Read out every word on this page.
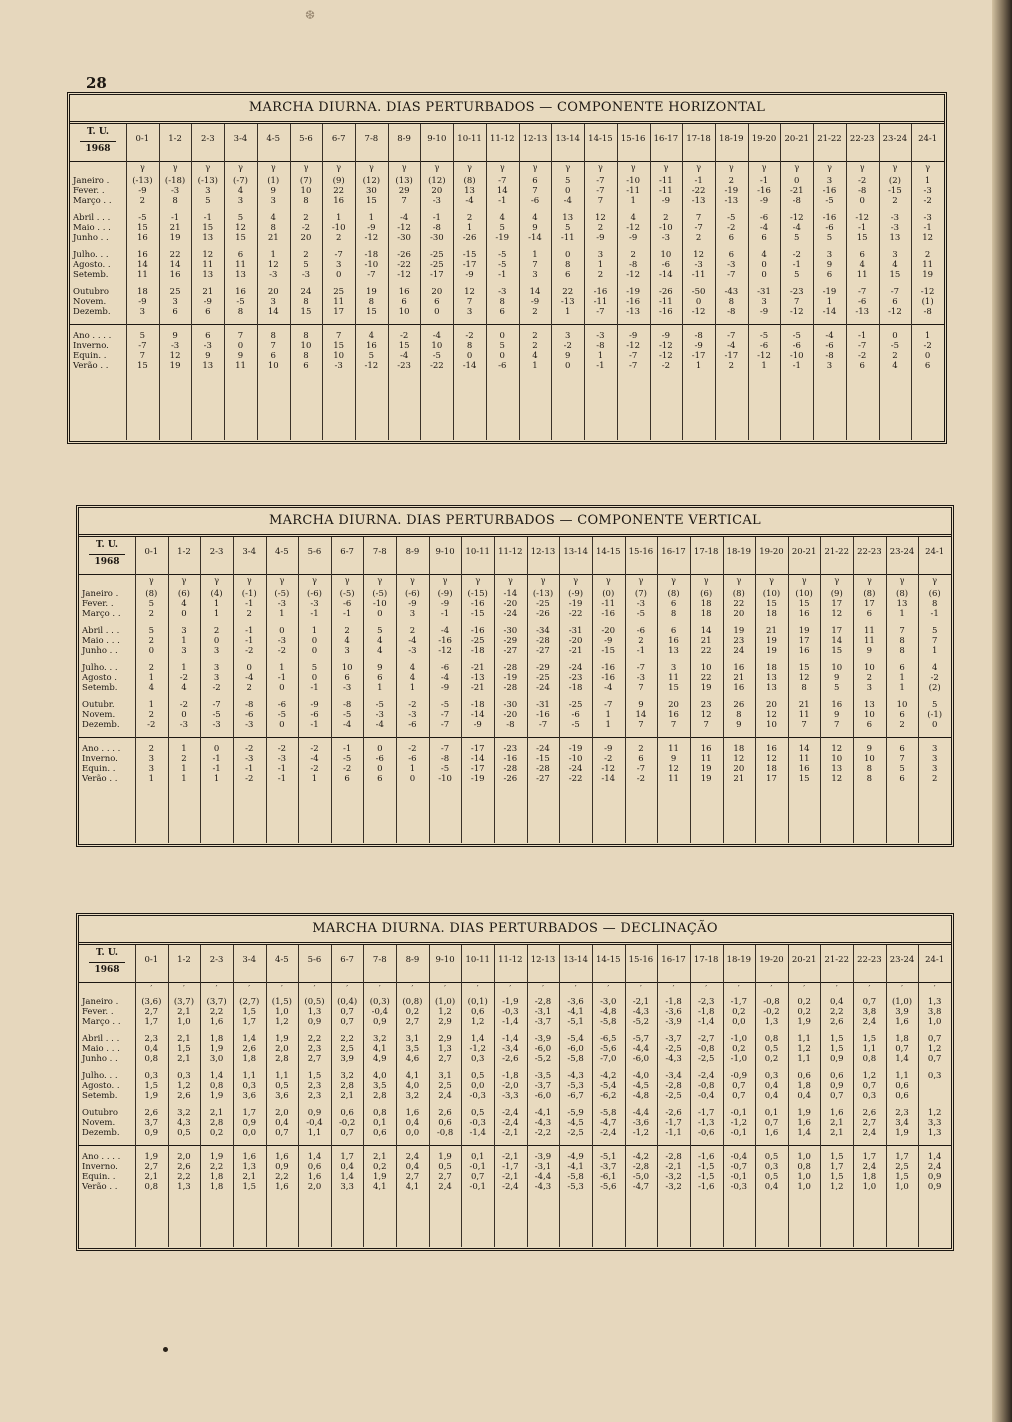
❆
28
MARCHA DIURNA. DIAS PERTURBADOS — COMPONENTE HORIZONTAL
T. U.
1968
0-1	1-2	2-3	3-4	4-5	5-6	6-7	7-8	8-9	9-10	10-11 11-12 12-13 13-14 14-15 15-16 16-17 17-18 18-19 19-20 20-21 21-22 22-23 23-24	24-1
γ	γ	γ	γ	γ	γ	γ	γ	γ	γ	γ	γ	γ	γ	γ	γ	γ	γ	γ	γ	γ	γ	γ	γ	γ
Janeiro .	(-13)	(-18)	(-13)	(-7)	(1)	(7)	(9)	(12)	(13)	(12)	(8)	-7	6	5	-7	-10	-11	-1	2	-1	0	3	-2	(2)	1
Fever. .	-9	-3	3	4	9	10	22	30	29	20	13	14	7	0	-7	-11	-11	-22	-19	-16	-21	-16	-8	-15	-3
Março . .	2	8	5	3	3	8	16	15	7	-3	-4	-1	-6	-4	7	1	-9	-13	-13	-9	-8	-5	0	2	-2
Abril . . .	-5	-1	-1	5	4	2	1	1	-4	-1	2	4	4	13	12	4	2	7	-5	-6	-12	-16	-12	-3	-3
Maio . . .	15	21	15	12	8	-2	-10	-9	-12	-8	1	5	9	5	2	-12	-10	-7	-2	-4	-4	-6	-1	-3	-1
Junho . .	16	19	13	15	21	20	2	-12	-30	-30	-26	-19	-14	-11	-9	-9	-3	2	6	6	5	5	15	13	12
Julho. . .	16	22	12	6	1	2	-7	-18	-26	-25	-15	-5	1	0	3	2	10	12	6	4	-2	3	6	3	2
Agosto. .	14	14	11	11	12	5	3	-10	-22	-25	-17	-5	7	8	1	-8	-6	-3	-3	0	-1	9	4	4	11
Setemb.	11	16	13	13	-3	-3	0	-7	-12	-17	-9	-1	3	6	2	-12	-14	-11	-7	0	5	6	11	15	19
Outubro	18	25	21	16	20	24	25	19	16	20	12	-3	14	22	-16	-19	-26	-50	-43	-31	-23	-19	-7	-7	-12
Novem.	-9	3	-9	-5	3	8	11	8	6	6	7	8	-9	-13	-11	-16	-11	0	8	3	7	1	-6	6	(1)
Dezemb.	3	6	6	8	14	15	17	15	10	0	3	6	2	1	-7	-13	-16	-12	-8	-9	-12	-14	-13	-12	-8
Ano . . . .	5	9	6	7	8	8	7	4	-2	-4	-2	0	2	3	-3	-9	-9	-8	-7	-5	-5	-4	-1	0	1
Inverno.	-7	-3	-3	0	7	10	15	16	15	10	8	5	2	-2	-8	-12	-12	-9	-4	-6	-6	-6	-7	-5	-2
Equin. .	7	12	9	9	6	8	10	5	-4	-5	0	0	4	9	1	-7	-12	-17	-17	-12	-10	-8	-2	2	0
Verão . .	15	19	13	11	10	6	-3	-12	-23	-22	-14	-6	1	0	-1	-7	-2	1	2	1	-1	3	6	4	6
MARCHA DIURNA. DIAS PERTURBADOS — COMPONENTE VERTICAL
T. U.
1968
0-1	1-2	2-3	3-4	4-5	5-6	6-7	7-8	8-9	9-10	10-11 11-12 12-13 13-14 14-15 15-16 16-17 17-18 18-19 19-20 20-21 21-22 22-23 23-24	24-1
γ	γ	γ	γ	γ	γ	γ	γ	γ	γ	γ	γ	γ	γ	γ	γ	γ	γ	γ	γ	γ	γ	γ	γ	γ
Janeiro .	(8)	(6)	(4)	(-1)	(-5)	(-6)	(-5)	(-5)	(-6)	(-9)	(-15)	-14	(-13)	(-9)	(0)	(7)	(8)	(6)	(8)	(10)	(10)	(9)	(8)	(8)	(6)
Fever. .	5	4	1	-1	-3	-3	-6	-10	-9	-9	-16	-20	-25	-19	-11	-3	6	18	22	15	15	17	17	13	8
Março . .	2	0	1	2	1	-1	-1	0	3	-1	-15	-24	-26	-22	-16	-5	8	18	20	18	16	12	6	1	-1
Abril . . .	5	3	2	-1	0	1	2	5	2	-4	-16	-30	-34	-31	-20	-6	6	14	19	21	19	17	11	7	5
Maio . . .	2	1	0	-1	-3	0	4	4	-4	-16	-25	-29	-28	-20	-9	2	16	21	23	19	17	14	11	8	7
Junho . .	0	3	3	-2	-2	0	3	4	-3	-12	-18	-27	-27	-21	-15	-1	13	22	24	19	16	15	9	8	1
Julho. . .	2	1	3	0	1	5	10	9	4	-6	-21	-28	-29	-24	-16	-7	3	10	16	18	15	10	10	6	4
Agosto .	1	-2	3	-4	-1	0	6	6	4	-4	-13	-19	-25	-23	-16	-3	11	22	21	13	12	9	2	1	-2
Setemb.	4	4	-2	2	0	-1	-3	1	1	-9	-21	-28	-24	-18	-4	7	15	19	16	13	8	5	3	1	(2)
Outubr.	1	-2	-7	-8	-6	-9	-8	-5	-2	-5	-18	-30	-31	-25	-7	9	20	23	26	20	21	16	13	10	5
Novem.	2	0	-5	-6	-5	-6	-5	-3	-3	-7	-14	-20	-16	-6	1	14	16	12	8	12	11	9	10	6	(-1)
Dezemb.	-2	-3	-3	-3	0	-1	-4	-4	-6	-7	-9	-8	-7	-5	1	7	7	7	9	10	7	7	6	2	0
Ano . . . .	2	1	0	-2	-2	-2	-1	0	-2	-7	-17	-23	-24	-19	-9	2	11	16	18	16	14	12	9	6	3
Inverno.	3	2	-1	-3	-3	-4	-5	-6	-6	-8	-14	-16	-15	-10	-2	6	9	11	12	12	11	10	10	7	3
Equin. .	3	1	-1	-1	-1	-2	-2	0	1	-5	-17	-28	-28	-24	-12	-7	12	19	20	18	16	13	8	5	3
Verão . .	1	1	1	-2	-1	1	6	6	0	-10	-19	-26	-27	-22	-14	-2	11	19	21	17	15	12	8	6	2
MARCHA DIURNA. DIAS PERTURBADOS — DECLINAÇÃO
T. U.
1968
0-1	1-2	2-3	3-4	4-5	5-6	6-7	7-8	8-9	9-10	10-11 11-12 12-13 13-14 14-15 15-16 16-17 17-18 18-19 19-20 20-21 21-22 22-23 23-24	24-1
′	′	′	′	′	′	′	′	′	′	′	′	′	′	′	′	′	′	′	′	′	′	′	′	′
Janeiro .	(3,6)	(3,7)	(3,7)	(2,7)	(1,5)	(0,5)	(0,4)	(0,3)	(0,8)	(1,0)	(0,1)	-1,9	-2,8	-3,6	-3,0	-2,1	-1,8	-2,3	-1,7	-0,8	0,2	0,4	0,7	(1,0)	1,3
Fever. .	2,7	2,1	2,2	1,5	1,0	1,3	0,7	-0,4	0,2	1,2	0,6	-0,3	-3,1	-4,1	-4,8	-4,3	-3,6	-1,8	0,2	-0,2	0,2	2,2	3,8	3,9	3,8
Março . .	1,7	1,0	1,6	1,7	1,2	0,9	0,7	0,9	2,7	2,9	1,2	-1,4	-3,7	-5,1	-5,8	-5,2	-3,9	-1,4	0,0	1,3	1,9	2,6	2,4	1,6	1,0
Abril . . .	2,3	2,1	1,8	1,4	1,9	2,2	2,2	3,2	3,1	2,9	1,4	-1,4	-3,9	-5,4	-6,5	-5,7	-3,7	-2,7	-1,0	0,8	1,1	1,5	1,5	1,8	0,7
Maio . . .	0,4	1,5	1,9	2,6	2,0	2,3	2,5	4,1	3,5	1,3	-1,2	-3,4	-6,0	-6,0	-5,6	-4,4	-2,5	-0,8	0,2	0,5	1,2	1,5	1,1	0,7	1,2
Junho . .	0,8	2,1	3,0	1,8	2,8	2,7	3,9	4,9	4,6	2,7	0,3	-2,6	-5,2	-5,8	-7,0	-6,0	-4,3	-2,5	-1,0	0,2	1,1	0,9	0,8	1,4	0,7
Julho. . .	0,3	0,3	1,4	1,1	1,1	1,5	3,2	4,0	4,1	3,1	0,5	-1,8	-3,5	-4,3	-4,2	-4,0	-3,4	-2,4	-0,9	0,3	0,6	0,6	1,2	1,1	0,3
Agosto. .	1,5	1,2	0,8	0,3	0,5	2,3	2,8	3,5	4,0	2,5	0,0	-2,0	-3,7	-5,3	-5,4	-4,5	-2,8	-0,8	0,7	0,4	1,8	0,9	0,7	0,6
Setemb.	1,9	2,6	1,9	3,6	3,6	2,3	2,1	2,8	3,2	2,4	-0,3	-3,3	-6,0	-6,7	-6,2	-4,8	-2,5	-0,4	0,7	0,4	0,4	0,7	0,3	0,6
Outubro	2,6	3,2	2,1	1,7	2,0	0,9	0,6	0,8	1,6	2,6	0,5	-2,4	-4,1	-5,9	-5,8	-4,4	-2,6	-1,7	-0,1	0,1	1,9	1,6	2,6	2,3	1,2
Novem.	3,7	4,3	2,8	0,9	0,4	-0,4	-0,2	0,1	0,4	0,6	-0,3	-2,4	-4,3	-4,5	-4,7	-3,6	-1,7	-1,3	-1,2	0,7	1,6	2,1	2,7	3,4	3,3
Dezemb.	0,9	0,5	0,2	0,0	0,7	1,1	0,7	0,6	0,0	-0,8	-1,4	-2,1	-2,2	-2,5	-2,4	-1,2	-1,1	-0,6	-0,1	1,6	1,4	2,1	2,4	1,9	1,3
Ano . . . .	1,9	2,0	1,9	1,6	1,6	1,4	1,7	2,1	2,4	1,9	0,1	-2,1	-3,9	-4,9	-5,1	-4,2	-2,8	-1,6	-0,4	0,5	1,0	1,5	1,7	1,7	1,4
Inverno.	2,7	2,6	2,2	1,3	0,9	0,6	0,4	0,2	0,4	0,5	-0,1	-1,7	-3,1	-4,1	-3,7	-2,8	-2,1	-1,5	-0,7	0,3	0,8	1,7	2,4	2,5	2,4
Equin. .	2,1	2,2	1,8	2,1	2,2	1,6	1,4	1,9	2,7	2,7	0,7	-2,1	-4,4	-5,8	-6,1	-5,0	-3,2	-1,5	-0,1	0,5	1,0	1,5	1,8	1,5	0,9
Verão . .	0,8	1,3	1,8	1,5	1,6	2,0	3,3	4,1	4,1	2,4	-0,1	-2,4	-4,3	-5,3	-5,6	-4,7	-3,2	-1,6	-0,3	0,4	1,0	1,2	1,0	1,0	0,9
